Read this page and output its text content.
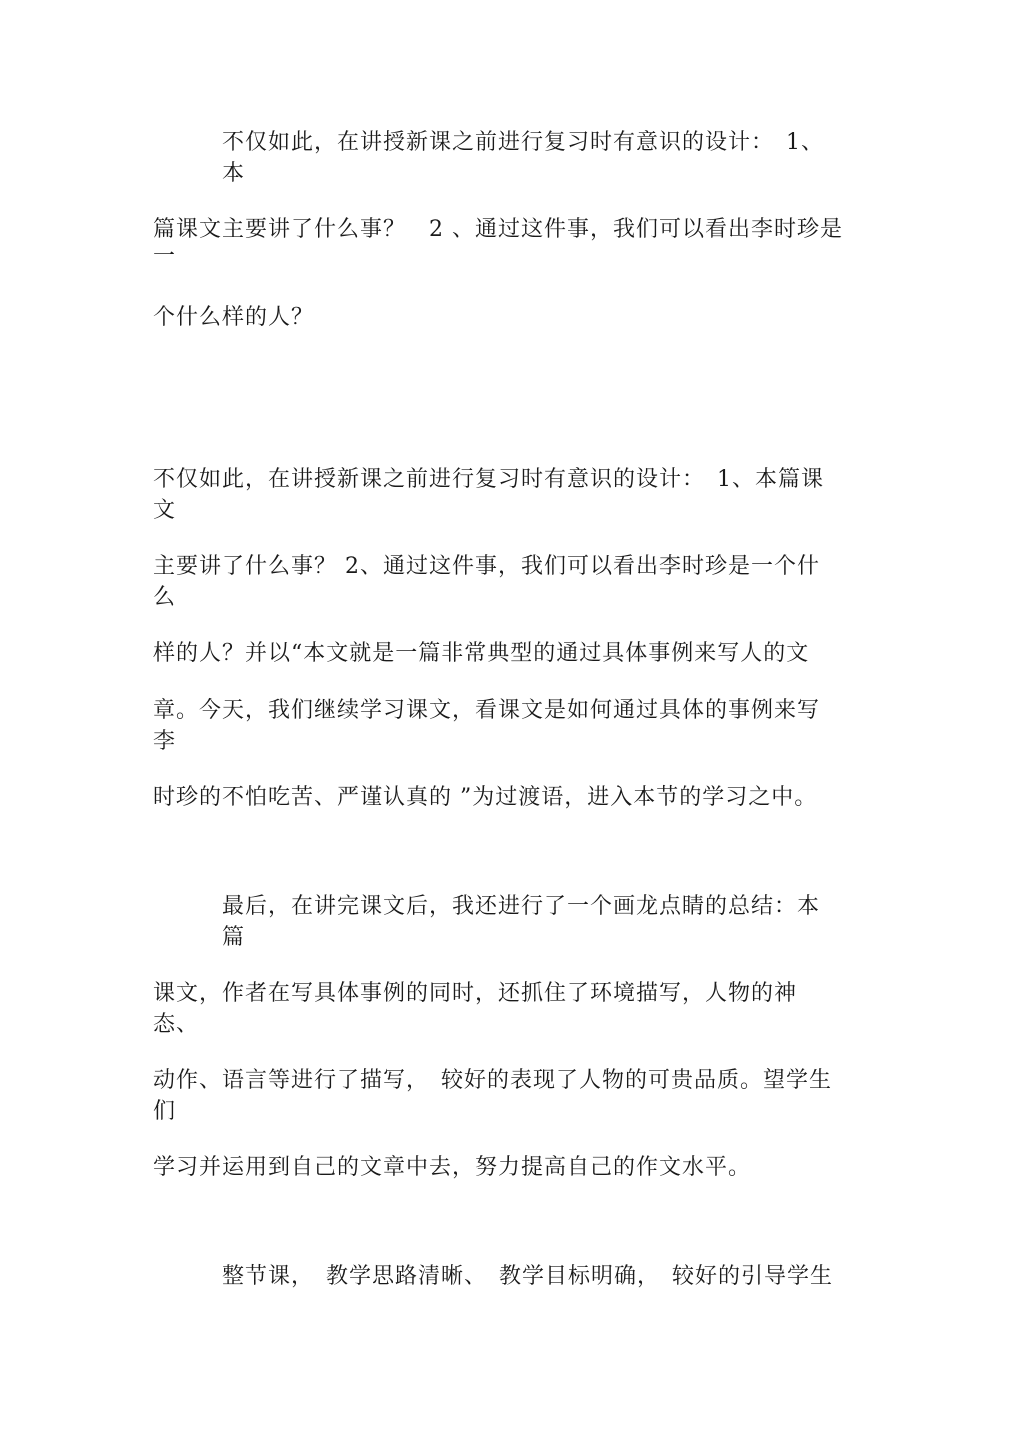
不仅如此，在讲授新课之前进行复习时有意识的设计：　1、

本

篇课文主要讲了什么事？　2 、通过这件事，我们可以看出李时珍是

一

个什么样的人？

不仅如此，在讲授新课之前进行复习时有意识的设计：　1、本篇课

文

主要讲了什么事？ 2、通过这件事，我们可以看出李时珍是一个什

么

样的人？并以“本文就是一篇非常典型的通过具体事例来写人的文

章。今天，我们继续学习课文，看课文是如何通过具体的事例来写

李

时珍的不怕吃苦、严谨认真的 ”为过渡语，进入本节的学习之中。

最后，在讲完课文后，我还进行了一个画龙点睛的总结：本

篇

课文，作者在写具体事例的同时，还抓住了环境描写，人物的神

态、

动作、语言等进行了描写，　较好的表现了人物的可贵品质。望学生

们

学习并运用到自己的文章中去，努力提高自己的作文水平。

整节课，　教学思路清晰、　教学目标明确，　较好的引导学生
